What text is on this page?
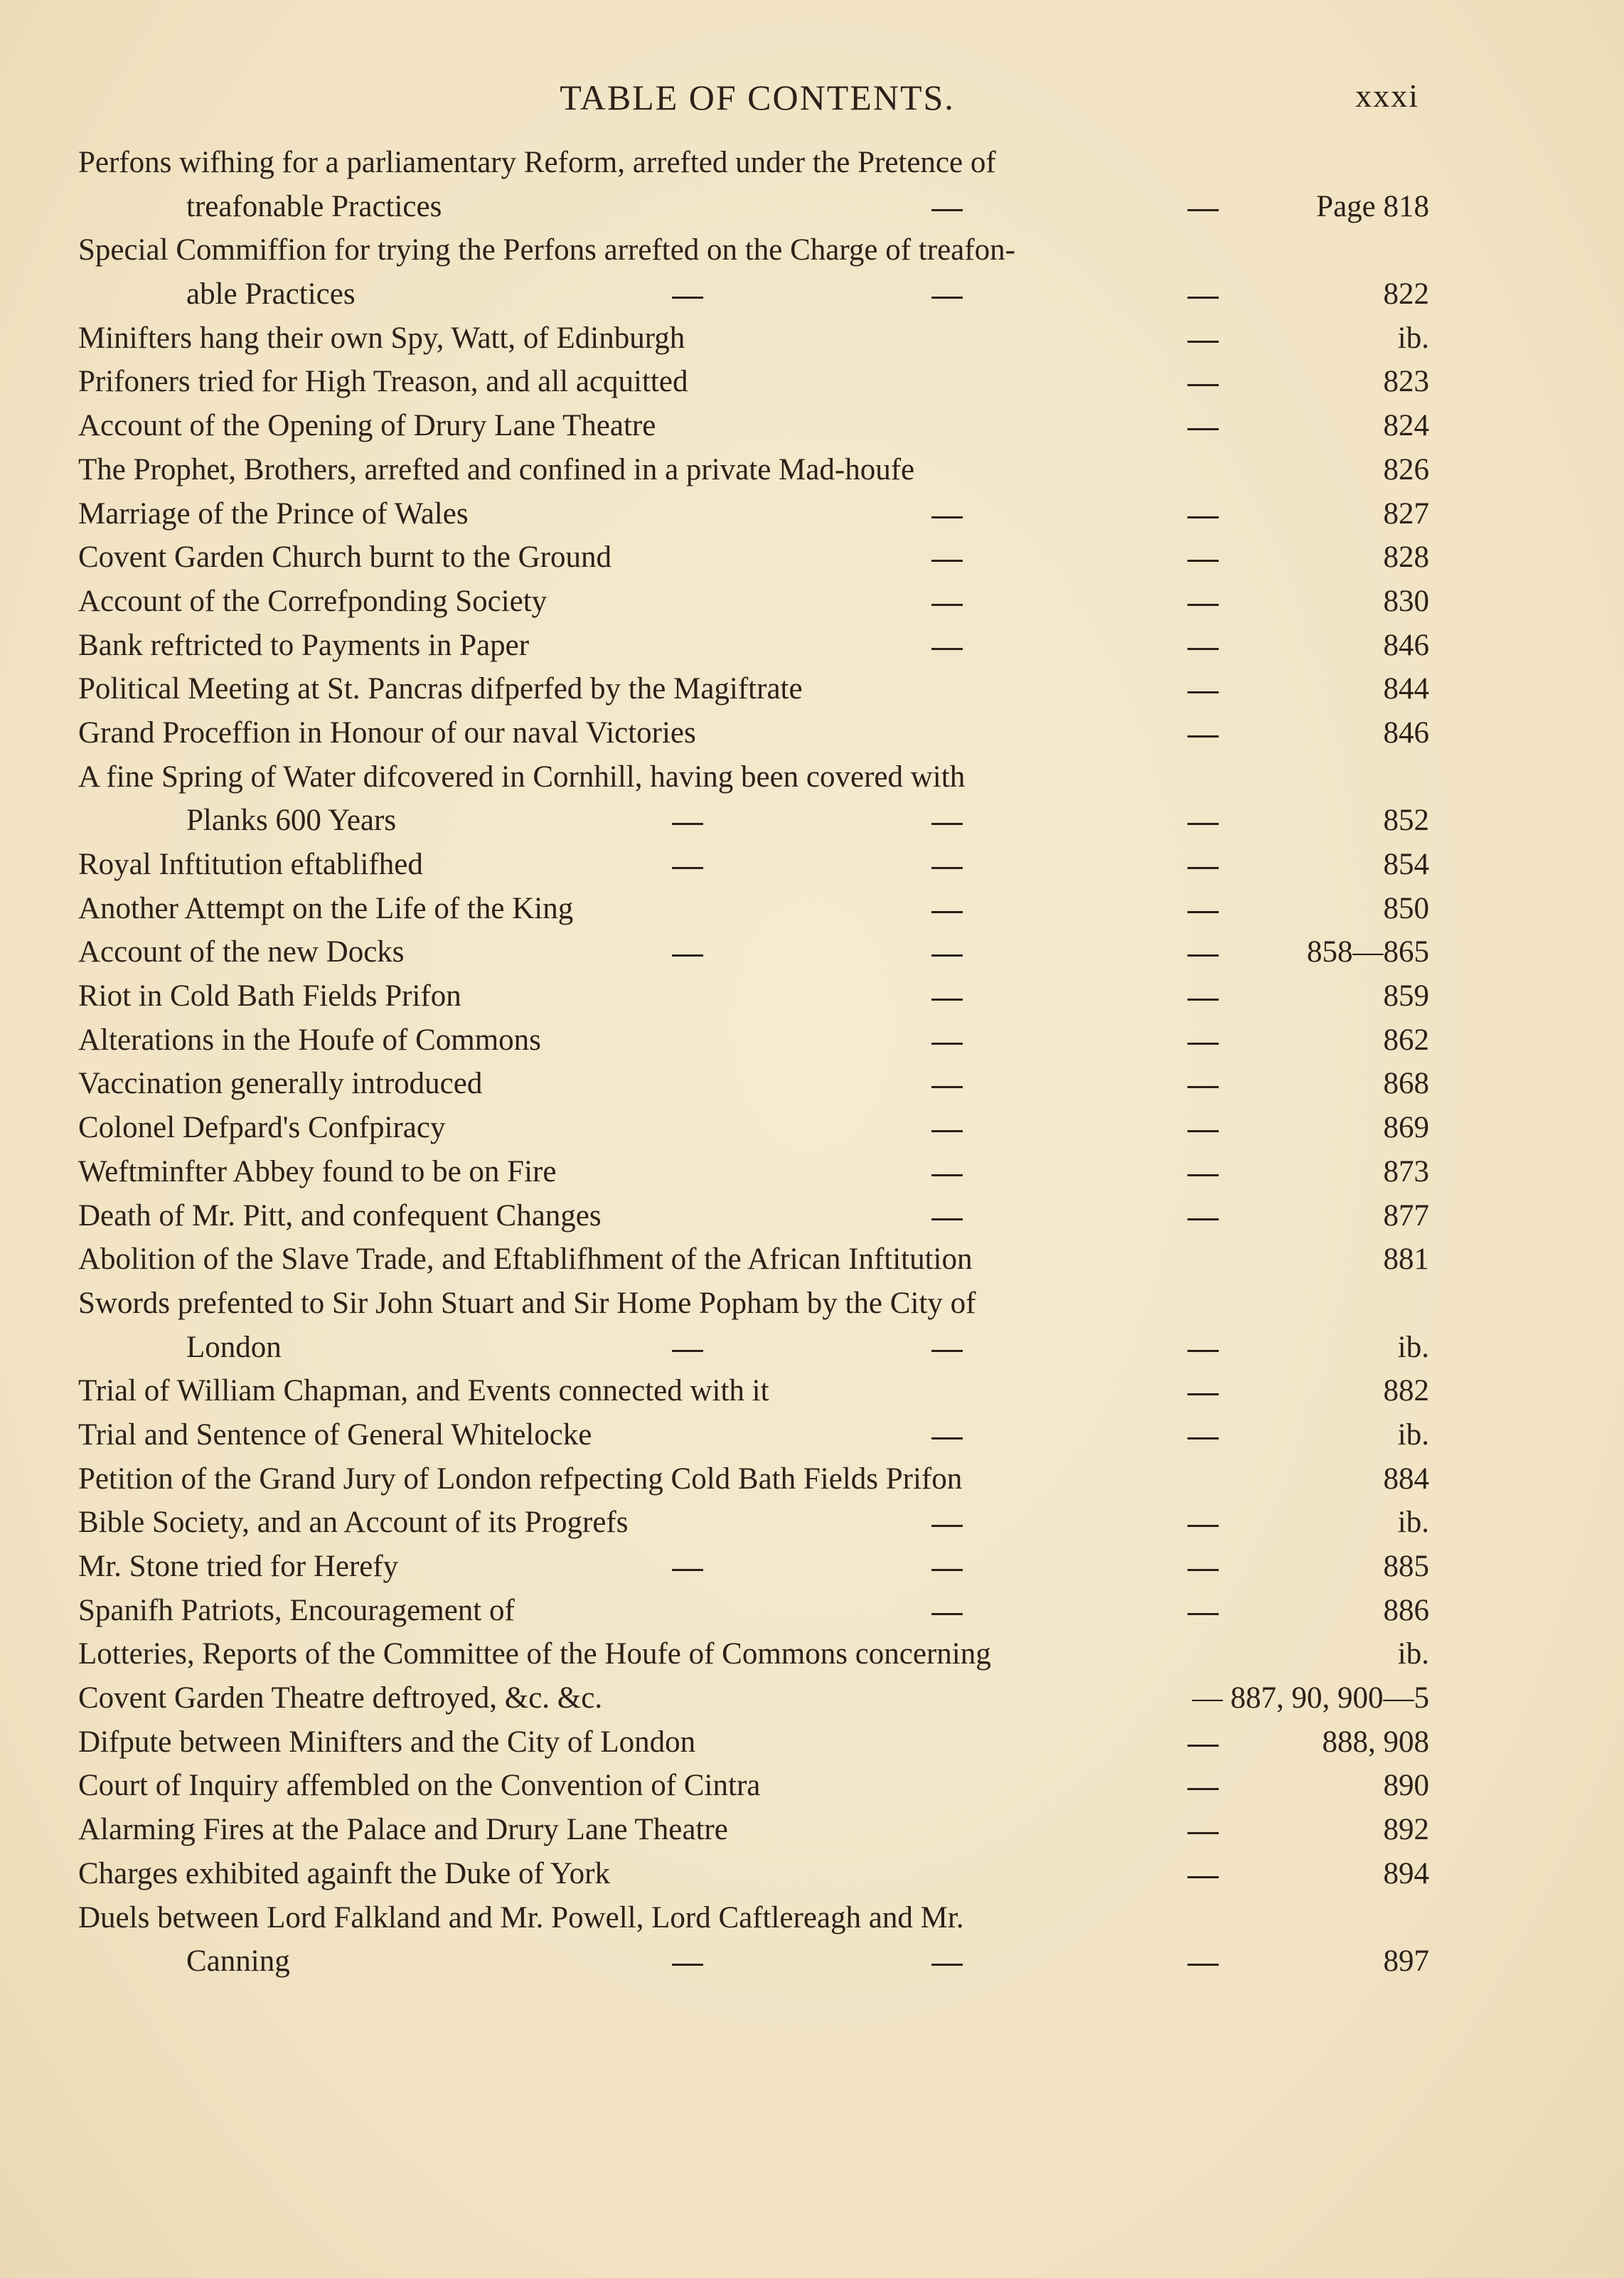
TABLE OF CONTENTS.	xxxi
Perfons wifhing for a parliamentary Reform, arrefted under the Pretence of
treafonable Practices	Page 818
Special Commiffion for trying the Perfons arrefted on the Charge of treafon-
able Practices	822
Minifters hang their own Spy, Watt, of Edinburgh	ib.
Prifoners tried for High Treason, and all acquitted	823
Account of the Opening of Drury Lane Theatre	824
The Prophet, Brothers, arrefted and confined in a private Mad-houfe	826
Marriage of the Prince of Wales	827
Covent Garden Church burnt to the Ground	828
Account of the Correfponding Society	830
Bank reftricted to Payments in Paper	846
Political Meeting at St. Pancras difperfed by the Magiftrate	844
Grand Proceffion in Honour of our naval Victories	846
A fine Spring of Water difcovered in Cornhill, having been covered with
Planks 600 Years	852
Royal Inftitution eftablifhed	854
Another Attempt on the Life of the King	850
Account of the new Docks	858—865
Riot in Cold Bath Fields Prifon	859
Alterations in the Houfe of Commons	862
Vaccination generally introduced	868
Colonel Defpard's Confpiracy	869
Weftminfter Abbey found to be on Fire	873
Death of Mr. Pitt, and confequent Changes	877
Abolition of the Slave Trade, and Eftablifhment of the African Inftitution	881
Swords prefented to Sir John Stuart and Sir Home Popham by the City of
London	ib.
Trial of William Chapman, and Events connected with it	882
Trial and Sentence of General Whitelocke	ib.
Petition of the Grand Jury of London refpecting Cold Bath Fields Prifon	884
Bible Society, and an Account of its Progrefs	ib.
Mr. Stone tried for Herefy	885
Spanifh Patriots, Encouragement of	886
Lotteries, Reports of the Committee of the Houfe of Commons concerning	ib.
Covent Garden Theatre deftroyed, &c. &c.	— 887, 90, 900—5
Difpute between Minifters and the City of London	888, 908
Court of Inquiry affembled on the Convention of Cintra	890
Alarming Fires at the Palace and Drury Lane Theatre	892
Charges exhibited againft the Duke of York	894
Duels between Lord Falkland and Mr. Powell, Lord Caftlereagh and Mr.
Canning	897
